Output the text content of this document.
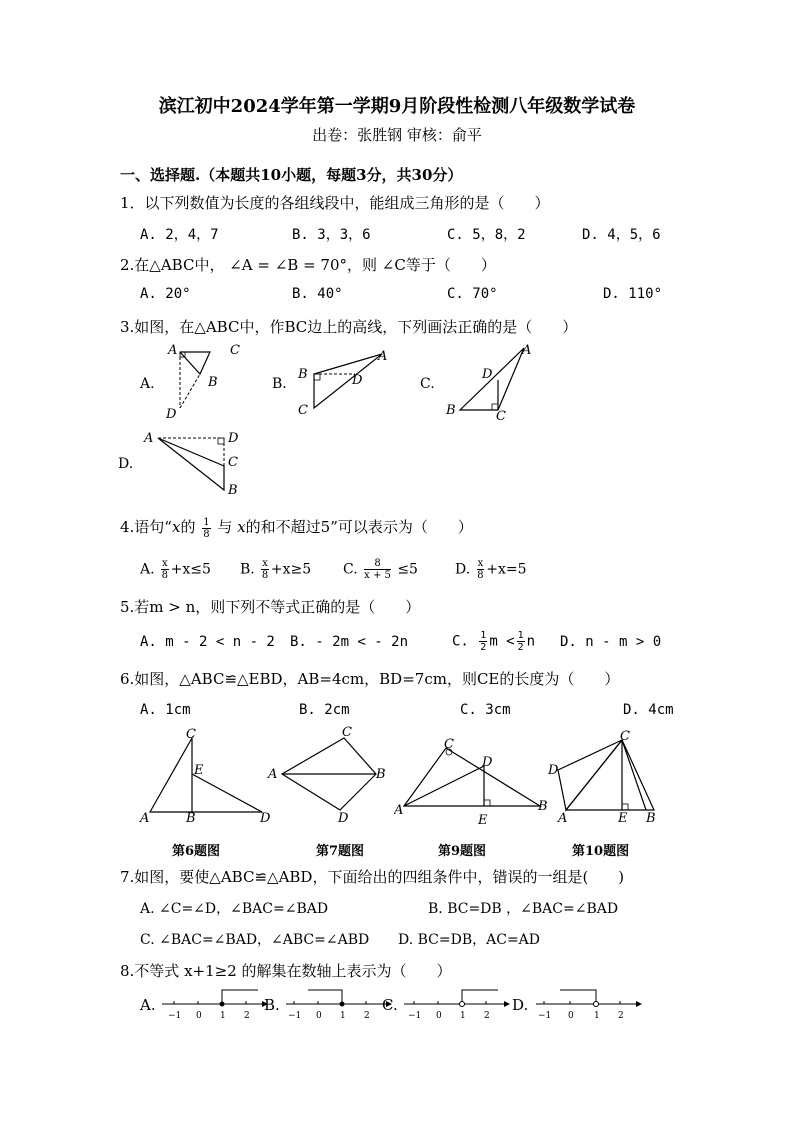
滨江初中2024学年第一学期9月阶段性检测八年级数学试卷
出卷：张胜钢 审核：俞平
一、选择题.（本题共10小题，每题3分，共30分）
1．以下列数值为长度的各组线段中，能组成三角形的是（　　）
A. 2，4，7	B. 3，3，6	C. 5，8，2	D. 4，5，6
2.在△ABC中， ∠A = ∠B = 70°，则 ∠C等于（　　）
A. 20°	B. 40°	C. 70°	D. 110°
3.如图，在△ABC中，作BC边上的高线，下列画法正确的是（　　）
A.	B.	C.
D.
A	C
B
D
B
A
D
C	B
A
D
C
A	D
C
B
4.语句“x的 $\frac{1}{8}$ 与 x的和不超过5”可以表示为（　　）
A. $\frac{x}{8} +x\le 5$ B. $\frac{x}{8} +x\ge 5$ C. $\frac{8}{x + 5} \le 5$	D. $\frac{x}{8} +x=5$
5.若m > n，则下列不等式正确的是（　　）
A. m - 2 < n - 2 B. - 2m < - 2n	C. $\frac{1}{2}$ $m < \frac{1}{2}$ n D. n - m > 0
6.如图，△ABC≌△EBD，AB=4cm，BD=7cm，则CE的长度为（　　）
A. 1cm	B. 2cm	C. 3cm	D. 4cm
A	B
C
E
D
A
C
B
D
A
C
D
E
B
D
C
A	E B
第6题图	第7题图	第9题图	第10题图
7.如图，要使△ABC≌△ABD，下面给出的四组条件中，错误的一组是(　　)
A. ∠C=∠D，∠BAC=∠BAD	B. BC=DB ，∠BAC=∠BAD
C. ∠BAC=∠BAD，∠ABC=∠ABD D. BC=DB，AC=AD
8.不等式 x+1≥2 的解集在数轴上表示为（　　）
A.
−1 0 1 2
B.
−1 0 1 2
C.
−1 0 1 2
D.
−1 0 1 2
